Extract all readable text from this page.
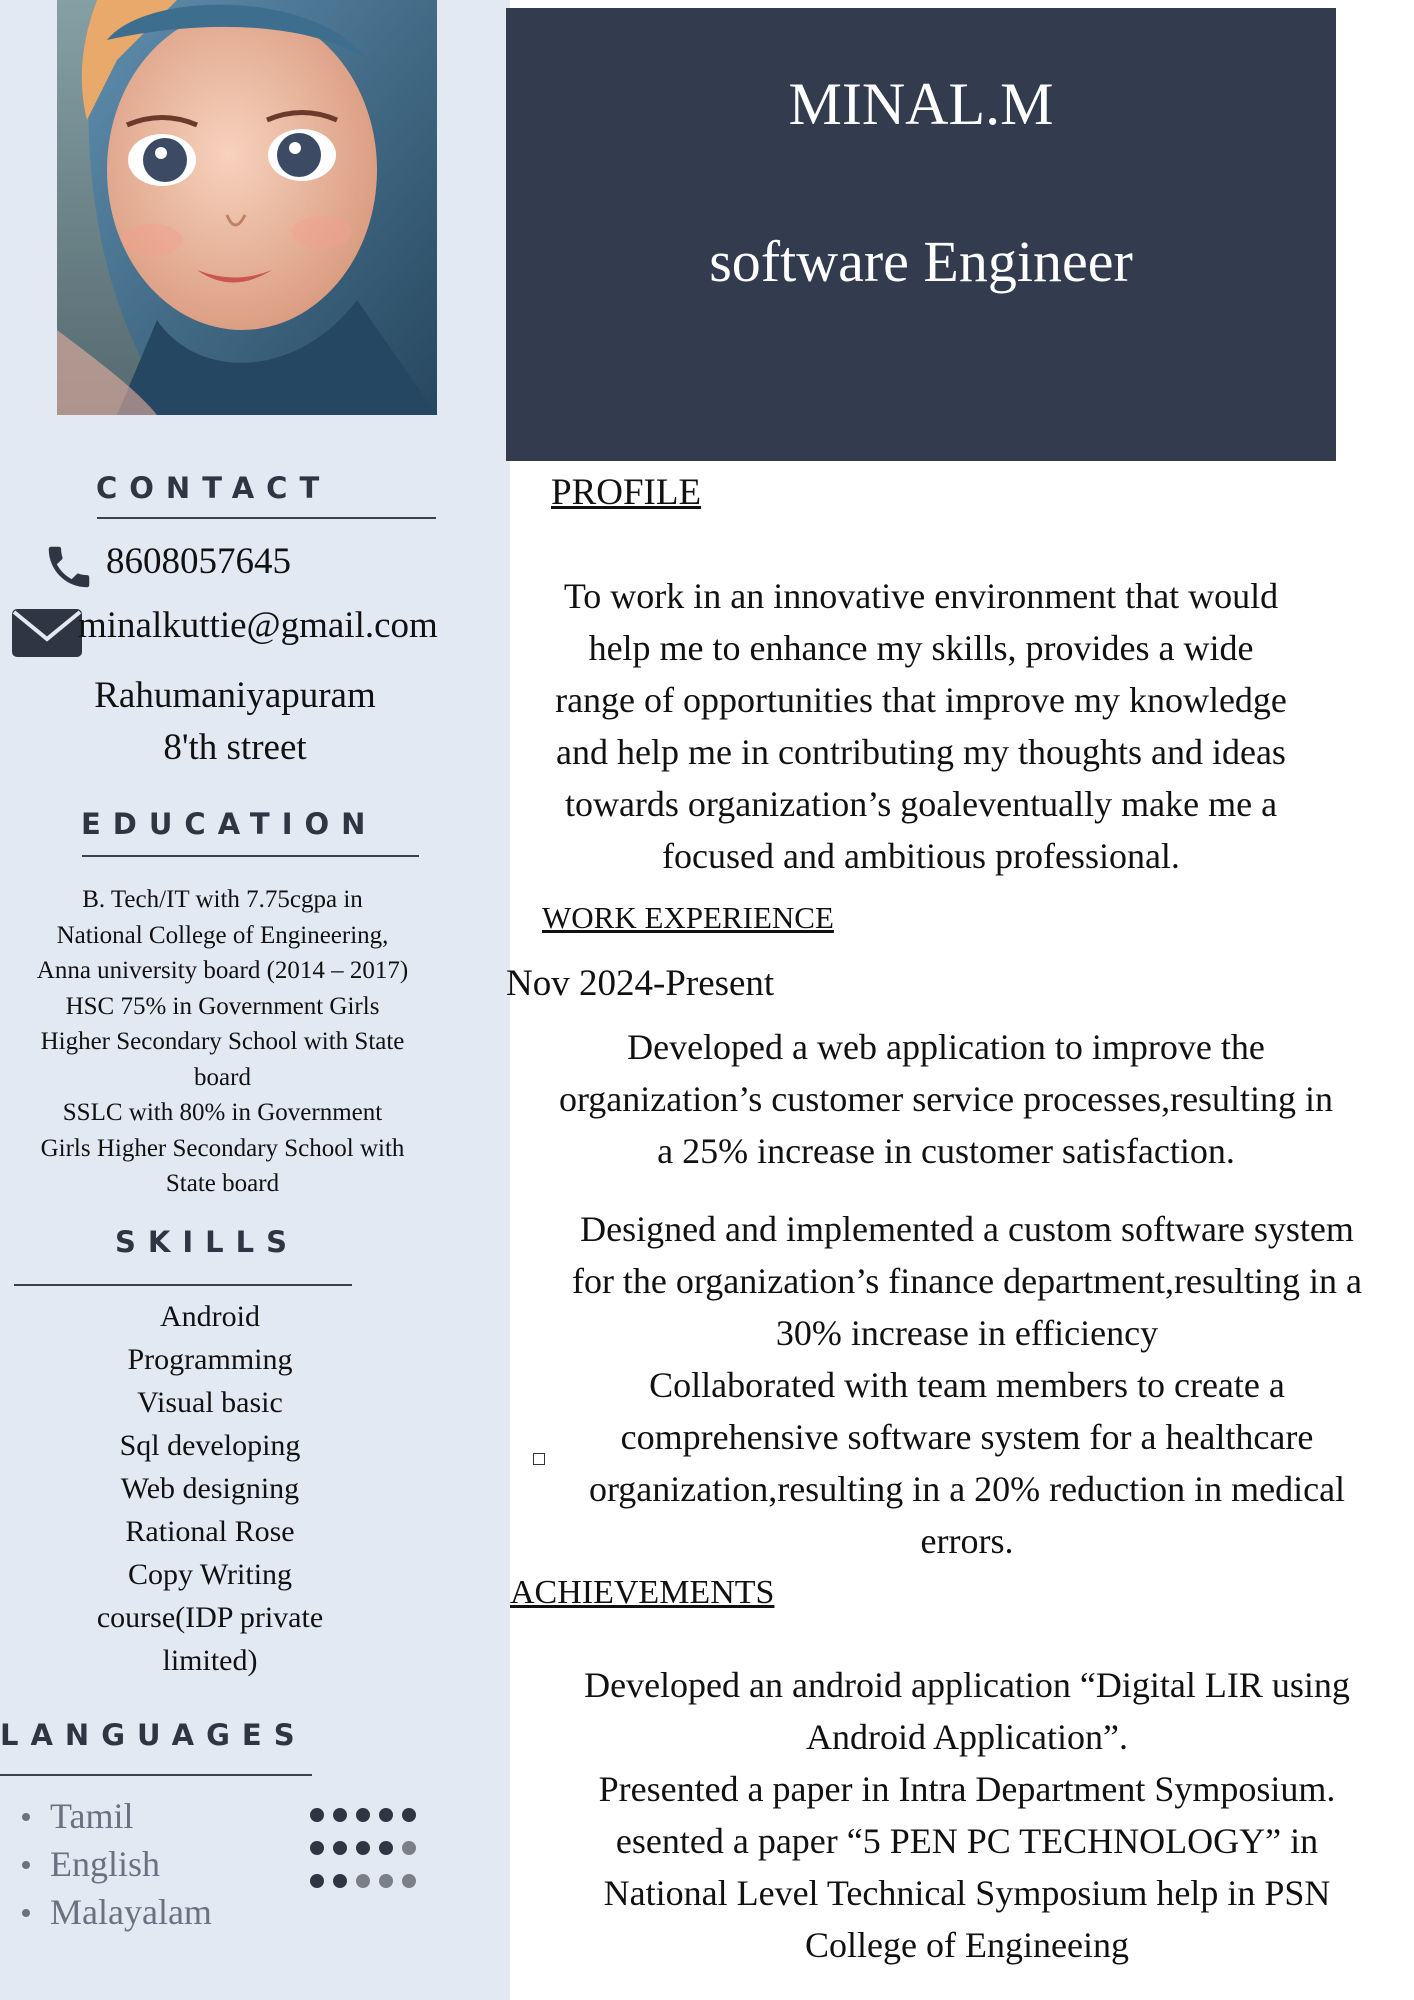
CONTACT
8608057645
minalkuttie@gmail.com
Rahumaniyapuram
8'th street
EDUCATION
B. Tech/IT with 7.75cgpa in
National College of Engineering,
Anna university board (2014 – 2017)
HSC 75% in Government Girls
Higher Secondary School with State
board
SSLC with 80% in Government
Girls Higher Secondary School with
State board
SKILLS
Android
Programming
Visual basic
Sql developing
Web designing
Rational Rose
Copy Writing
course(IDP private
limited)
LANGUAGES
Tamil
English
Malayalam
MINAL.M
software Engineer
PROFILE
To work in an innovative environment that would
help me to enhance my skills, provides a wide
range of opportunities that improve my knowledge
and help me in contributing my thoughts and ideas
towards organization’s goaleventually make me a
focused and ambitious professional.
WORK EXPERIENCE
Nov 2024-Present
Developed a web application to improve the
organization’s customer service processes,resulting in
a 25% increase in customer satisfaction.
Designed and implemented a custom software system
for the organization’s finance department,resulting in a
30% increase in efficiency
Collaborated with team members to create a
comprehensive software system for a healthcare
organization,resulting in a 20% reduction in medical
errors.
ACHIEVEMENTS
Developed an android application “Digital LIR using
Android Application”.
Presented a paper in Intra Department Symposium.
esented a paper “5 PEN PC TECHNOLOGY” in
National Level Technical Symposium help in PSN
College of Engineeing
